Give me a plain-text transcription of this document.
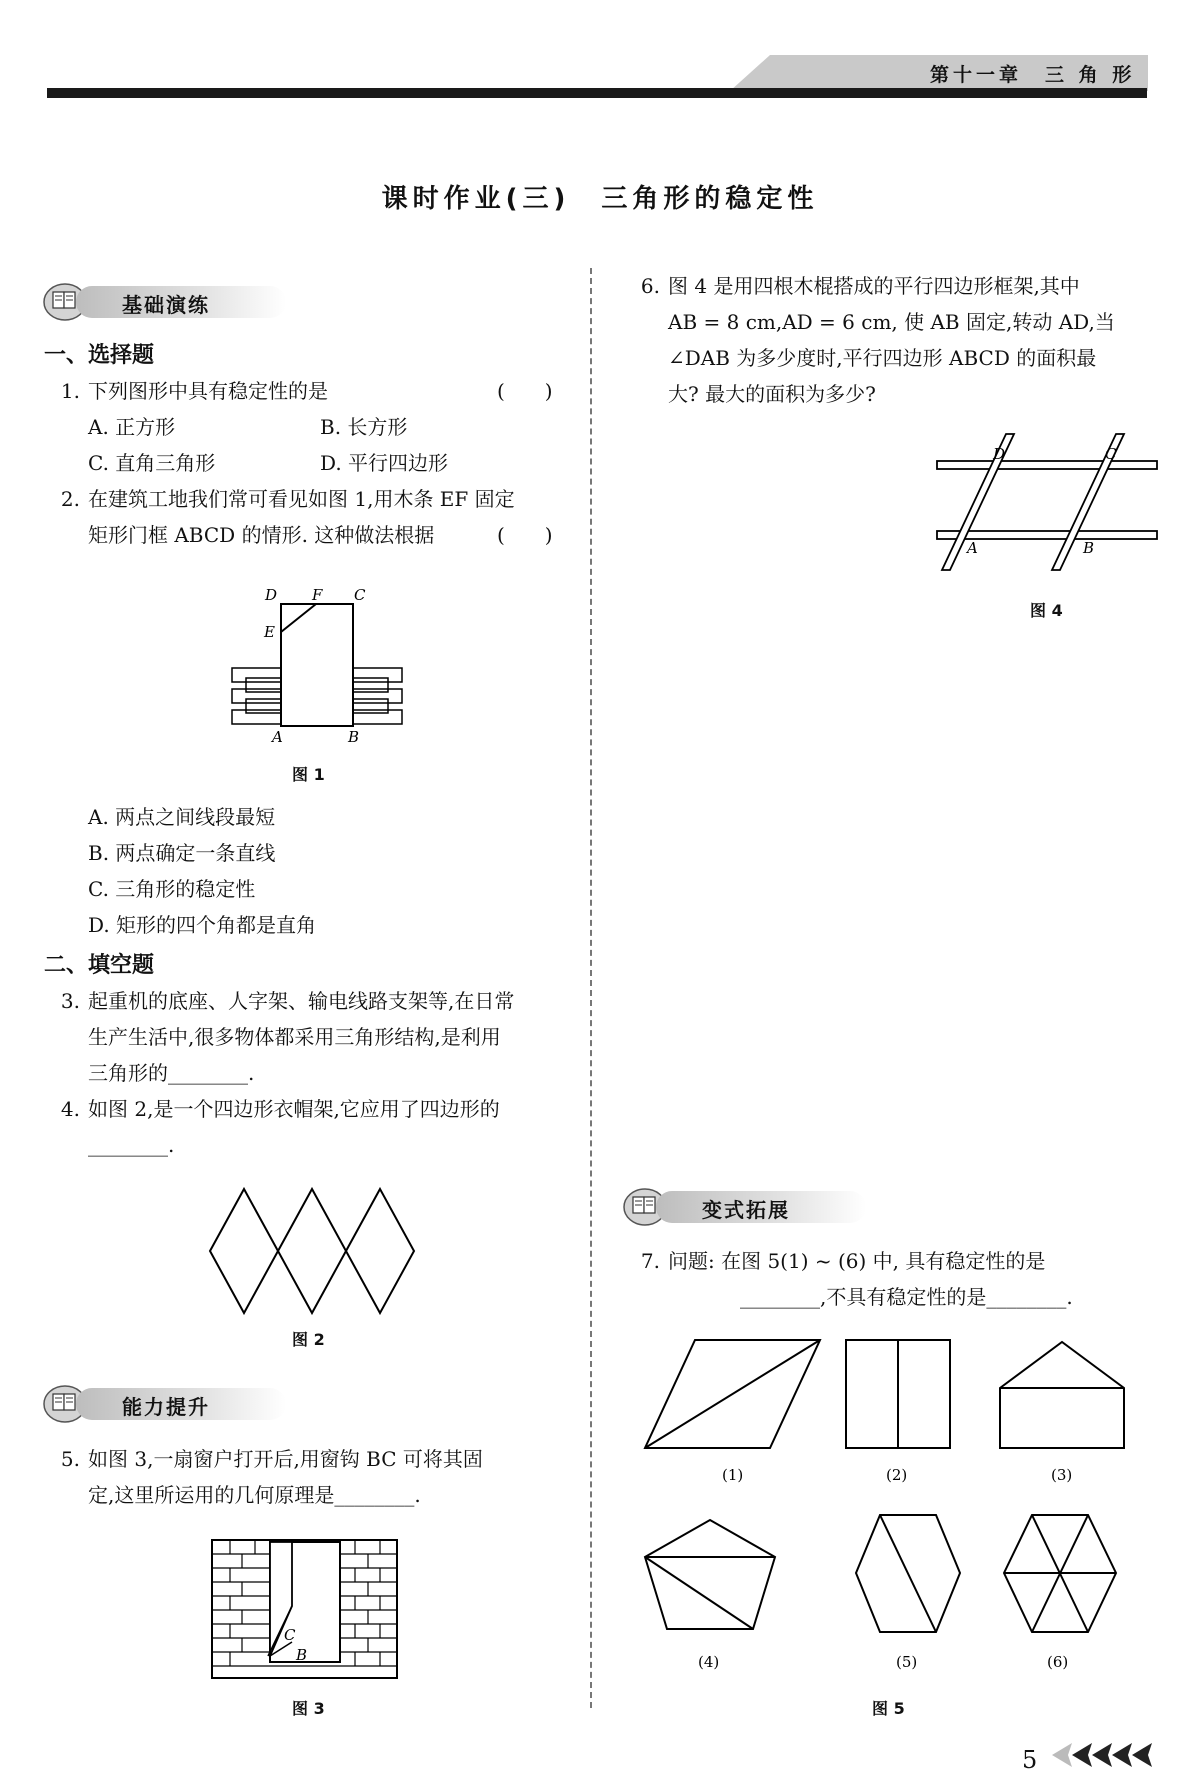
第十一章　三 角 形
课时作业(三)　三角形的稳定性
基础演练
一、选择题
1. 下列图形中具有稳定性的是	(　　)
A. 正方形	B. 长方形
C. 直角三角形	D. 平行四边形
2. 在建筑工地我们常可看见如图 1,用木条 EF 固定
矩形门框 ABCD 的情形. 这种做法根据	(　　)
D F C
E
A	B
图 1
A. 两点之间线段最短
B. 两点确定一条直线
C. 三角形的稳定性
D. 矩形的四个角都是直角
二、填空题
3. 起重机的底座、人字架、输电线路支架等,在日常
生产生活中,很多物体都采用三角形结构,是利用
三角形的________.
4. 如图 2,是一个四边形衣帽架,它应用了四边形的
________.
图 2
能力提升
5. 如图 3,一扇窗户打开后,用窗钩 BC 可将其固
定,这里所运用的几何原理是________.
C
B
图 3
6. 图 4 是用四根木棍搭成的平行四边形框架,其中
AB = 8 cm,AD = 6 cm, 使 AB 固定,转动 AD,当
∠DAB 为多少度时,平行四边形 ABCD 的面积最
大? 最大的面积为多少?
D	C
A	B
图 4
变式拓展
7. 问题: 在图 5(1) ~ (6) 中, 具有稳定性的是
________,不具有稳定性的是________.
(1)	(2)	(3)
(4)	(5)	(6)
图 5
5
